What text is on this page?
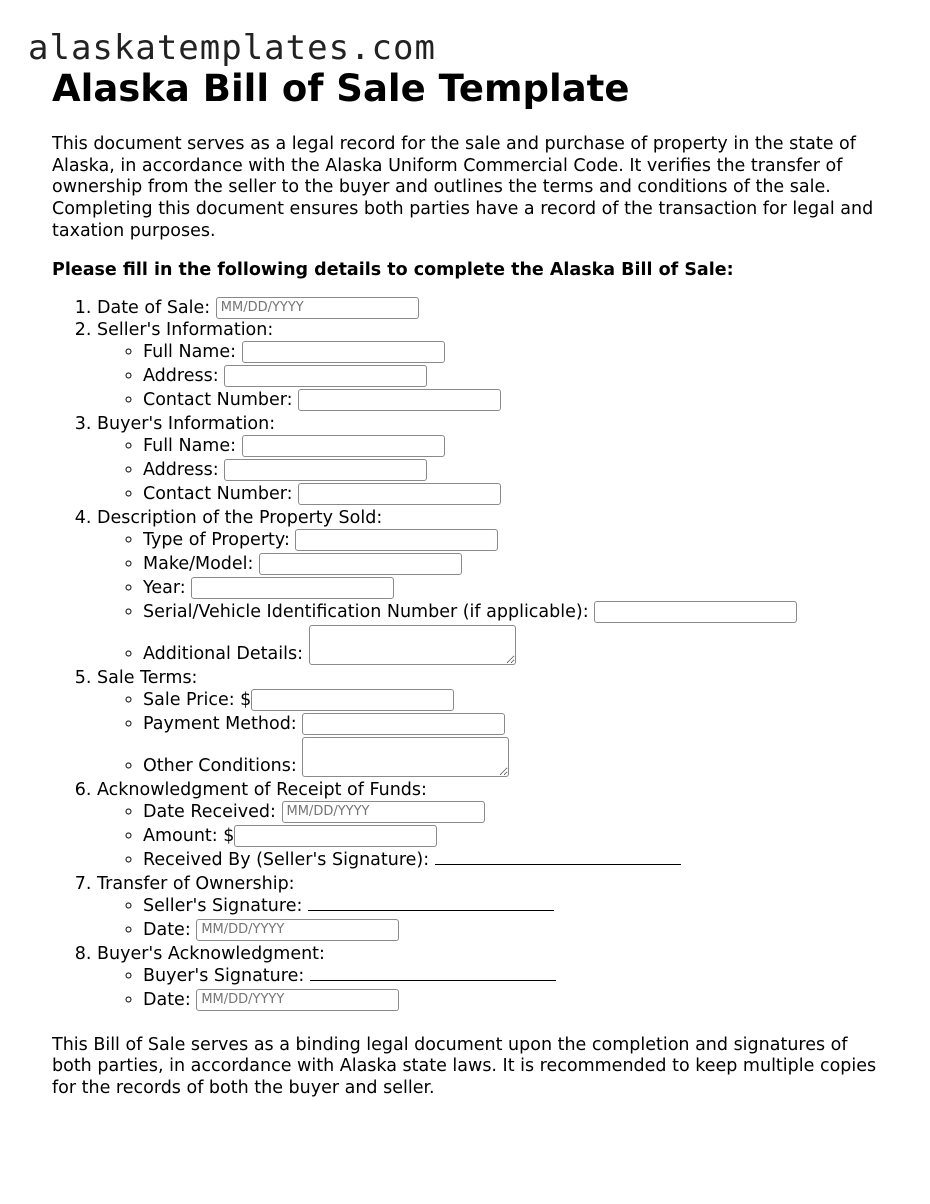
alaskatemplates.com
Alaska Bill of Sale Template

This document serves as a legal record for the sale and purchase of property in the state of Alaska, in accordance with the Alaska Uniform Commercial Code. It verifies the transfer of ownership from the seller to the buyer and outlines the terms and conditions of the sale. Completing this document ensures both parties have a record of the transaction for legal and taxation purposes.

Please fill in the following details to complete the Alaska Bill of Sale:

1. Date of Sale: MM/DD/YYYY
2. Seller's Information:
◦ Full Name:
◦ Address:
◦ Contact Number:
3. Buyer's Information:
◦ Full Name:
◦ Address:
◦ Contact Number:
4. Description of the Property Sold:
◦ Type of Property:
◦ Make/Model:
◦ Year:
◦ Serial/Vehicle Identification Number (if applicable):
◦ Additional Details:
5. Sale Terms:
◦ Sale Price: $
◦ Payment Method:
◦ Other Conditions:
6. Acknowledgment of Receipt of Funds:
◦ Date Received: MM/DD/YYYY
◦ Amount: $
◦ Received By (Seller's Signature):
7. Transfer of Ownership:
◦ Seller's Signature:
◦ Date: MM/DD/YYYY
8. Buyer's Acknowledgment:
◦ Buyer's Signature:
◦ Date: MM/DD/YYYY

This Bill of Sale serves as a binding legal document upon the completion and signatures of both parties, in accordance with Alaska state laws. It is recommended to keep multiple copies for the records of both the buyer and seller.
